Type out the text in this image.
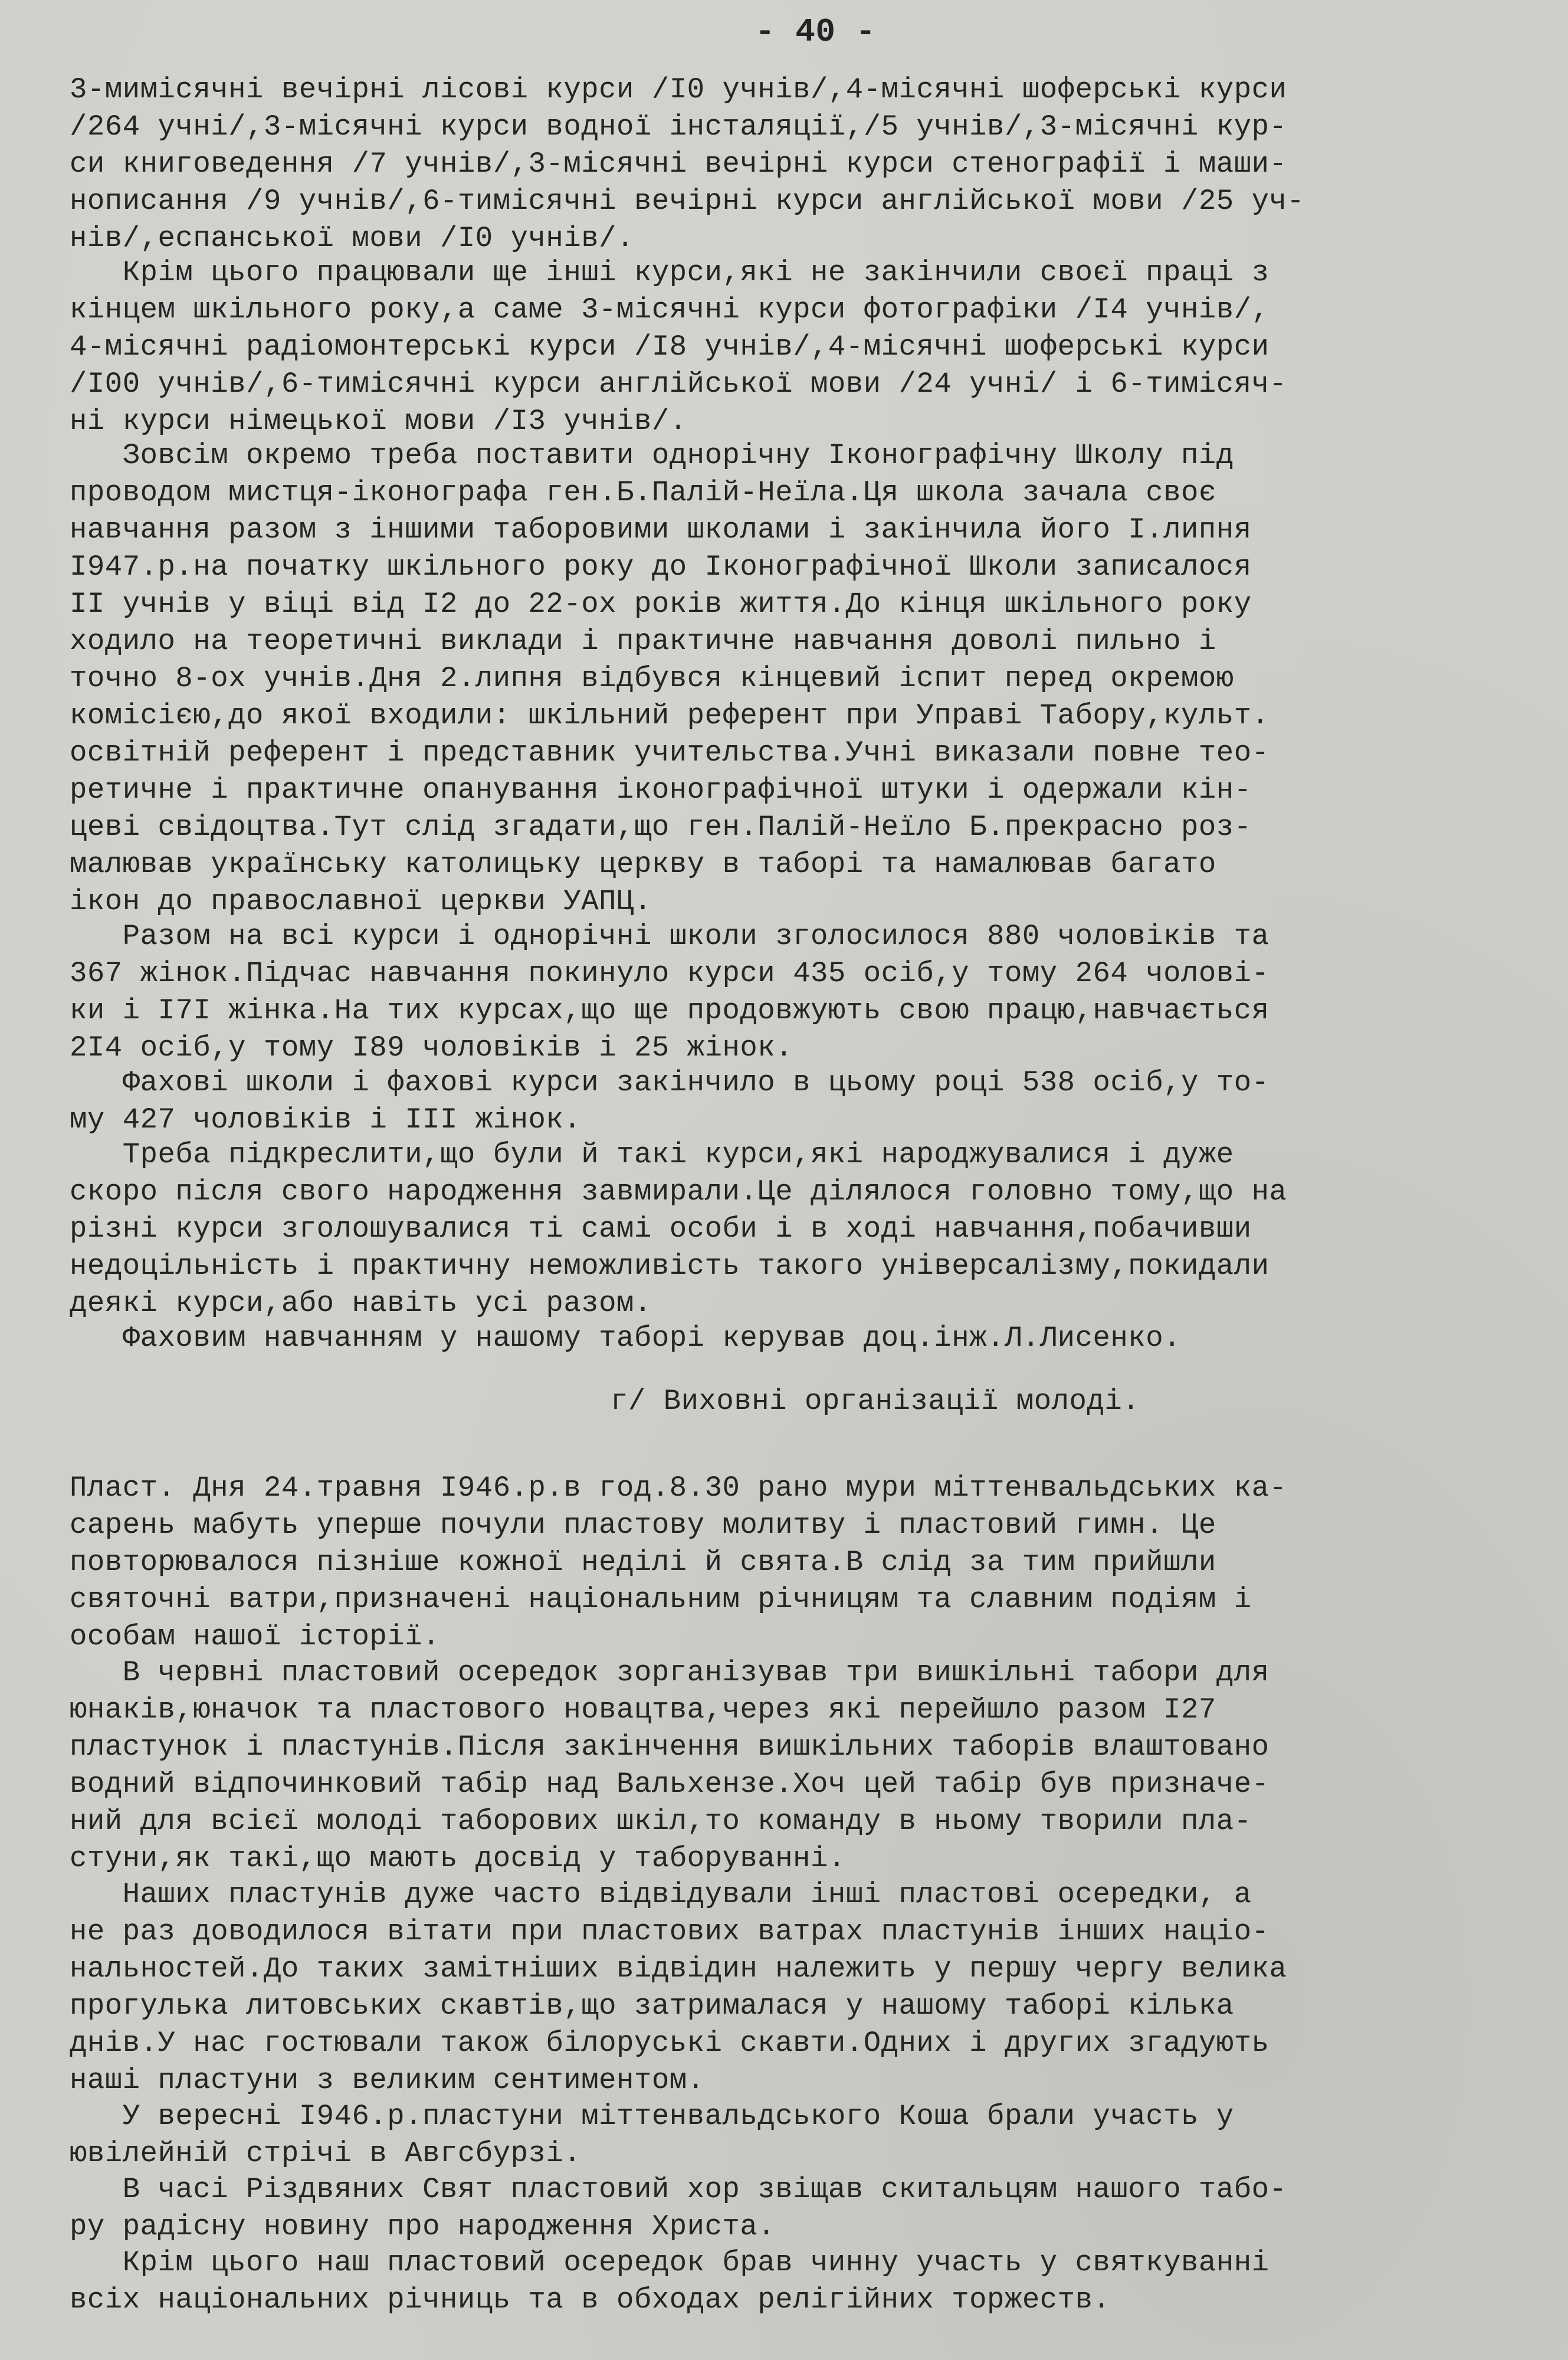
- 40 -
3-мимісячні вечірні лісові курси /I0 учнів/,4-місячні шоферські курси
/264 учні/,3-місячні курси водної інсталяції,/5 учнів/,3-місячні кур-
си книговедення /7 учнів/,3-місячні вечірні курси стенографії і маши-
нописання /9 учнів/,6-тимісячні вечірні курси англійської мови /25 уч-
нів/,еспанської мови /I0 учнів/.
Крім цього працювали ще інші курси,які не закінчили своєї праці з
кінцем шкільного року,а саме 3-місячні курси фотографіки /I4 учнів/,
4-місячні радіомонтерські курси /I8 учнів/,4-місячні шоферські курси
/I00 учнів/,6-тимісячні курси англійської мови /24 учні/ і 6-тимісяч-
ні курси німецької мови /I3 учнів/.
Зовсім окремо треба поставити однорічну Іконографічну Школу під
проводом мистця-іконографа ген.Б.Палій-Неїла.Ця школа зачала своє
навчання разом з іншими таборовими школами і закінчила його I.липня
I947.р.на початку шкільного року до Іконографічної Школи записалося
II учнів у віці від I2 до 22-ох років життя.До кінця шкільного року
ходило на теоретичні виклади і практичне навчання доволі пильно і
точно 8-ох учнів.Дня 2.липня відбувся кінцевий іспит перед окремою
комісією,до якої входили: шкільний референт при Управі Табору,культ.
освітній референт і представник учительства.Учні виказали повне тео-
ретичне і практичне опанування іконографічної штуки і одержали кін-
цеві свідоцтва.Тут слід згадати,що ген.Палій-Неїло Б.прекрасно роз-
малював українську католицьку церкву в таборі та намалював багато
ікон до православної церкви УАПЦ.
Разом на всі курси і однорічні школи зголосилося 880 чоловіків та
367 жінок.Підчас навчання покинуло курси 435 осіб,у тому 264 чолові-
ки і I7I жінка.На тих курсах,що ще продовжують свою працю,навчається
2I4 осіб,у тому I89 чоловіків і 25 жінок.
Фахові школи і фахові курси закінчило в цьому році 538 осіб,у то-
му 427 чоловіків і III жінок.
Треба підкреслити,що були й такі курси,які народжувалися і дуже
скоро після свого народження завмирали.Це ділялося головно тому,що на
різні курси зголошувалися ті самі особи і в ході навчання,побачивши
недоцільність і практичну неможливість такого універсалізму,покидали
деякі курси,або навіть усі разом.
Фаховим навчанням у нашому таборі керував доц.інж.Л.Лисенко.
г/ Виховні організації молоді.
Пласт. Дня 24.травня I946.р.в год.8.30 рано мури міттенвальдських ка-
сарень мабуть уперше почули пластову молитву і пластовий гимн. Це
повторювалося пізніше кожної неділі й свята.В слід за тим прийшли
святочні ватри,призначені національним річницям та славним подіям і
особам нашої історії.
В червні пластовий осередок зорганізував три вишкільні табори для
юнаків,юначок та пластового новацтва,через які перейшло разом I27
пластунок і пластунів.Після закінчення вишкільних таборів влаштовано
водний відпочинковий табір над Вальхензе.Хоч цей табір був призначе-
ний для всієї молоді таборових шкіл,то команду в ньому творили пла-
стуни,як такі,що мають досвід у таборуванні.
Наших пластунів дуже часто відвідували інші пластові осередки, а
не раз доводилося вітати при пластових ватрах пластунів інших націо-
нальностей.До таких замітніших відвідин належить у першу чергу велика
прогулька литовських скавтів,що затрималася у нашому таборі кілька
днів.У нас гостювали також білоруські скавти.Одних і других згадують
наші пластуни з великим сентиментом.
У вересні I946.р.пластуни міттенвальдського Коша брали участь у
ювілейній стрічі в Авгсбурзі.
В часі Різдвяних Свят пластовий хор звіщав скитальцям нашого табо-
ру радісну новину про народження Христа.
Крім цього наш пластовий осередок брав чинну участь у святкуванні
всіх національних річниць та в обходах релігійних торжеств.
